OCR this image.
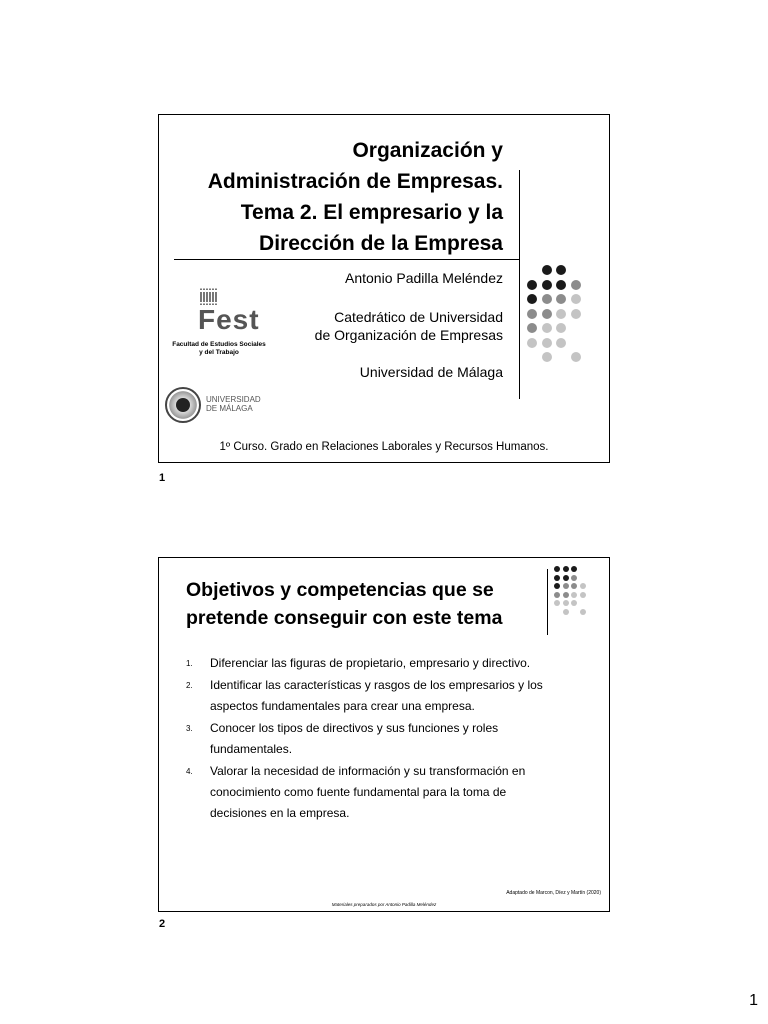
Organización y
Administración de Empresas.
Tema 2. El empresario y la
Dirección de la Empresa
Antonio Padilla Meléndez
Catedrático de Universidad
de Organización de Empresas
Universidad de Málaga
ịịịịịị
Fest
Facultad de Estudios Sociales
y del Trabajo
UNIVERSIDAD
DE MÁLAGA
1º Curso. Grado en Relaciones Laborales y Recursos Humanos.
1
Objetivos y competencias que se
pretende conseguir con este tema
1. Diferenciar las figuras de propietario, empresario y directivo.
2. Identificar las características y rasgos de los empresarios y los
aspectos fundamentales para crear una empresa.
3. Conocer los tipos de directivos y sus funciones y roles
fundamentales.
4. Valorar la necesidad de información y su transformación en
conocimiento como fuente fundamental para la toma de
decisiones en la empresa.
Adaptado de Marcon, Díez y Martín (2020)
Materiales preparados por Antonio Padilla Meléndez
2
1
